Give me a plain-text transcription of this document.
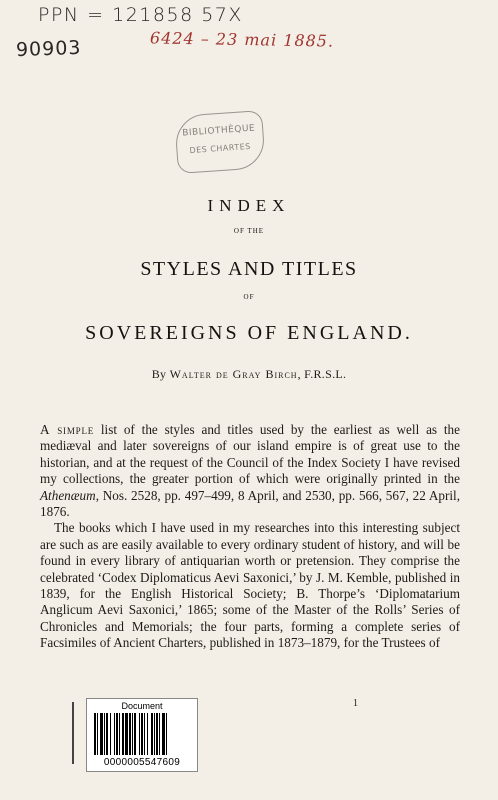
PPN = 121858 57X
90903	6424 – 23 mai 1885.
BIBLIOTHÈQUE
DES CHARTES
INDEX
OF THE
STYLES AND TITLES
OF
SOVEREIGNS OF ENGLAND.
By Walter de Gray Birch, F.R.S.L.

A simple list of the styles and titles used by the earliest as well as the mediæval and later sovereigns of our island empire is of great use to the historian, and at the request of the Council of the Index Society I have revised my collections, the greater portion of which were originally printed in the Athenæum, Nos. 2528, pp. 497–499, 8 April, and 2530, pp. 566, 567, 22 April, 1876.

The books which I have used in my researches into this interesting subject are such as are easily available to every ordinary student of history, and will be found in every library of antiquarian worth or pretension. They comprise the celebrated ‘Codex Diplomaticus Aevi Saxonici,’ by J. M. Kemble, published in 1839, for the English Historical Society; B. Thorpe’s ‘Diplomatarium Anglicum Aevi Saxonici,’ 1865; some of the Master of the Rolls’ Series of Chronicles and Memorials; the four parts, forming a complete series of Facsimiles of Ancient Charters, published in 1873–1879, for the Trustees of

1
Document
0000005547609
